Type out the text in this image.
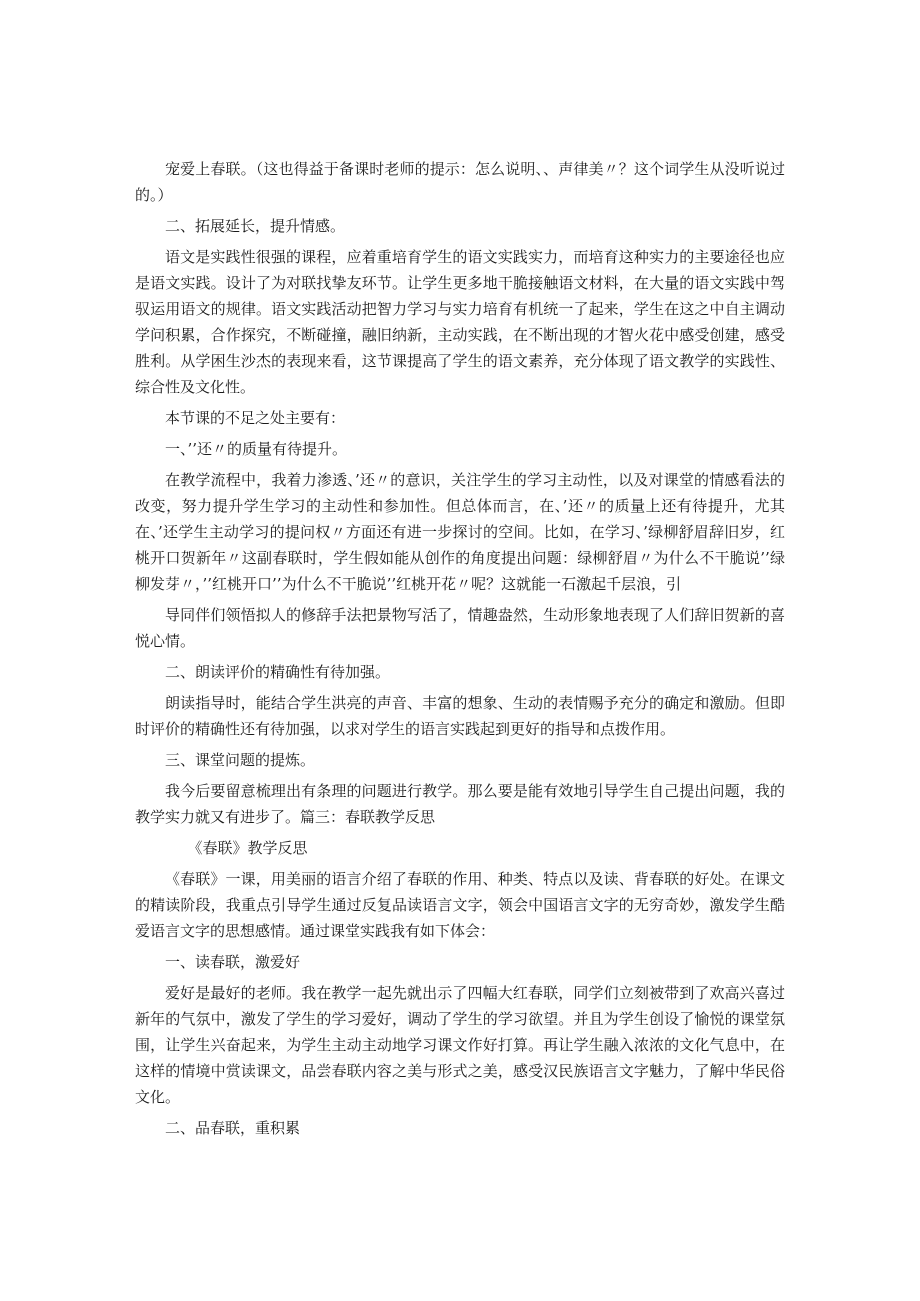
宠爱上春联。（这也得益于备课时老师的提示：怎么说明、、声律美〃？这个词学生从没听说过的。）

二、拓展延长，提升情感。

语文是实践性很强的课程，应着重培育学生的语文实践实力，而培育这种实力的主要途径也应是语文实践。设计了为对联找挚友环节。让学生更多地干脆接触语文材料，在大量的语文实践中驾驭运用语文的规律。语文实践活动把智力学习与实力培育有机统一了起来，学生在这之中自主调动学问积累，合作探究，不断碰撞，融旧纳新，主动实践，在不断出现的才智火花中感受创建，感受胜利。从学困生沙杰的表现来看，这节课提高了学生的语文素养，充分体现了语文教学的实践性、综合性及文化性。

本节课的不足之处主要有：

一、’’还〃的质量有待提升。

在教学流程中，我着力渗透、’还〃的意识，关注学生的学习主动性，以及对课堂的情感看法的改变，努力提升学生学习的主动性和参加性。但总体而言，在、’还〃的质量上还有待提升，尤其在、’还学生主动学习的提问权〃方面还有进一步探讨的空间。比如，在学习、’绿柳舒眉辞旧岁，红桃开口贺新年〃这副春联时，学生假如能从创作的角度提出问题：绿柳舒眉〃为什么不干脆说’’绿柳发芽〃，’’红桃开口’’为什么不干脆说’’红桃开花〃呢？这就能一石激起千层浪，引

导同伴们领悟拟人的修辞手法把景物写活了，情趣盎然，生动形象地表现了人们辞旧贺新的喜悦心情。

二、朗读评价的精确性有待加强。

朗读指导时，能结合学生洪亮的声音、丰富的想象、生动的表情赐予充分的确定和激励。但即时评价的精确性还有待加强，以求对学生的语言实践起到更好的指导和点拨作用。

三、课堂问题的提炼。

我今后要留意梳理出有条理的问题进行教学。那么要是能有效地引导学生自己提出问题，我的教学实力就又有进步了。篇三：春联教学反思

《春联》教学反思

《春联》一课，用美丽的语言介绍了春联的作用、种类、特点以及读、背春联的好处。在课文的精读阶段，我重点引导学生通过反复品读语言文字，领会中国语言文字的无穷奇妙，激发学生酷爱语言文字的思想感情。通过课堂实践我有如下体会：

一、读春联，激爱好

爱好是最好的老师。我在教学一起先就出示了四幅大红春联，同学们立刻被带到了欢高兴喜过新年的气氛中，激发了学生的学习爱好，调动了学生的学习欲望。并且为学生创设了愉悦的课堂氛围，让学生兴奋起来，为学生主动主动地学习课文作好打算。再让学生融入浓浓的文化气息中，在这样的情境中赏读课文，品尝春联内容之美与形式之美，感受汉民族语言文字魅力，了解中华民俗文化。

二、品春联，重积累
